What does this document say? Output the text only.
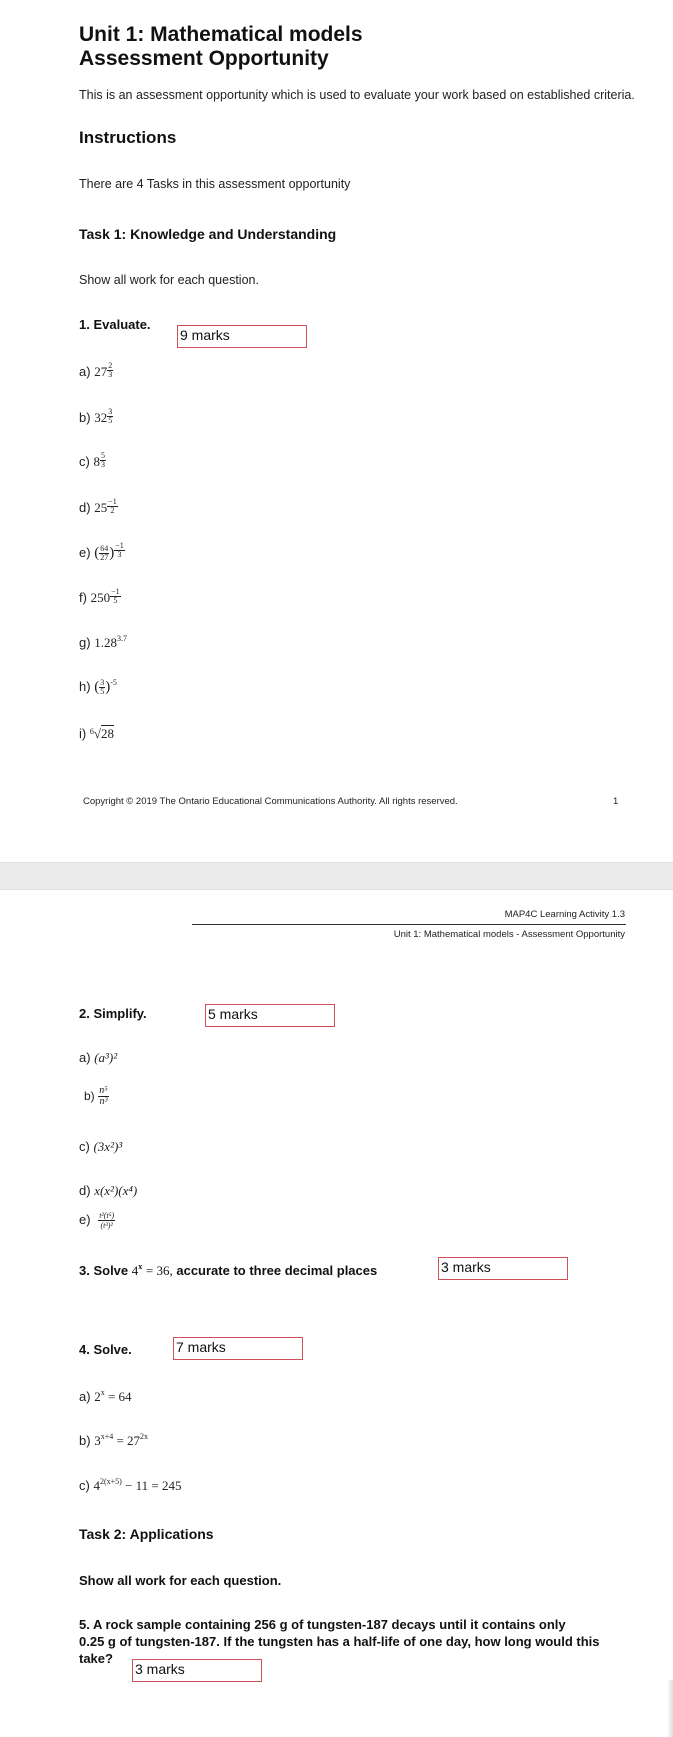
Unit 1: Mathematical models
Assessment Opportunity
This is an assessment opportunity which is used to evaluate your work based on established criteria.
Instructions
There are 4 Tasks in this assessment opportunity
Task 1: Knowledge and Understanding
Show all work for each question.
1. Evaluate.
9 marks
a) $27 \frac{2}{3}$
b) $32 \frac{3}{5}$
c) $8 \frac{5}{3}$
d) $25 \frac{-1}{2}$
e) ( $\frac{64}{27}$ ) $\frac{-1}{3}$
f) $250 \frac{-1}{5}$
g) $1.28^{3.7}$
h) ( $\frac{3}{5} )^{-5}$
i) $^6$√28
Copyright © 2019 The Ontario Educational Communications Authority. All rights reserved.	1
MAP4C Learning Activity 1.3
Unit 1: Mathematical models - Assessment Opportunity
2. Simplify.	5 marks
a) (a³)²
$b) \frac{\text{n⁵}}{\text{n³}}$
c) (3x²)³
d) x(x²)(x⁴)
$e) \frac{\text{t²(t⁵)}}{\text{(t³)²}}$
3. Solve $4^x = 36$, accurate to three decimal places	3 marks
4. Solve.	7 marks
a) $2^x = 64$
b) $3^{x+4} = 27^{2x}$
c) $4^{2(x+5)} - 11 = 245$
Task 2: Applications
Show all work for each question.
5. A rock sample containing 256 g of tungsten-187 decays until it contains only
0.25 g of tungsten-187. If the tungsten has a half-life of one day, how long would this
take?
3 marks
